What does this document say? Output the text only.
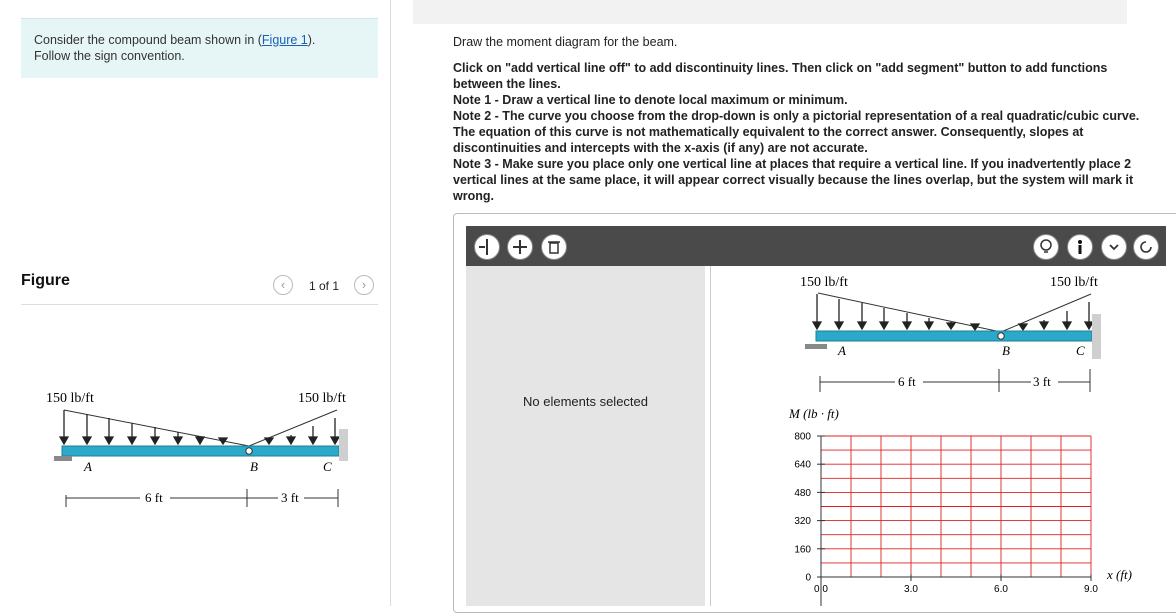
Consider the compound beam shown in (Figure 1).
Follow the sign convention.
Figure	‹	1 of 1	›
150 lb/ft	150 lb/ft
A	B	C
6 ft	3 ft
Draw the moment diagram for the beam.
Click on "add vertical line off" to add discontinuity lines. Then click on "add segment" button to add functions between the lines.
Note 1 - Draw a vertical line to denote local maximum or minimum.
Note 2 - The curve you choose from the drop-down is only a pictorial representation of a real quadratic/cubic curve. The equation of this curve is not mathematically equivalent to the correct answer. Consequently, slopes at discontinuities and intercepts with the x-axis (if any) are not accurate.
Note 3 - Make sure you place only one vertical line at places that require a vertical line. If you inadvertently place 2 vertical lines at the same place, it will appear correct visually because the lines overlap, but the system will mark it wrong.
No elements selected
150 lb/ft	150 lb/ft
A	B	C
6 ft	3 ft
M (lb · ft)
x (ft)
800
640
480
320
160
0
0.0	3.0	6.0	9.0
